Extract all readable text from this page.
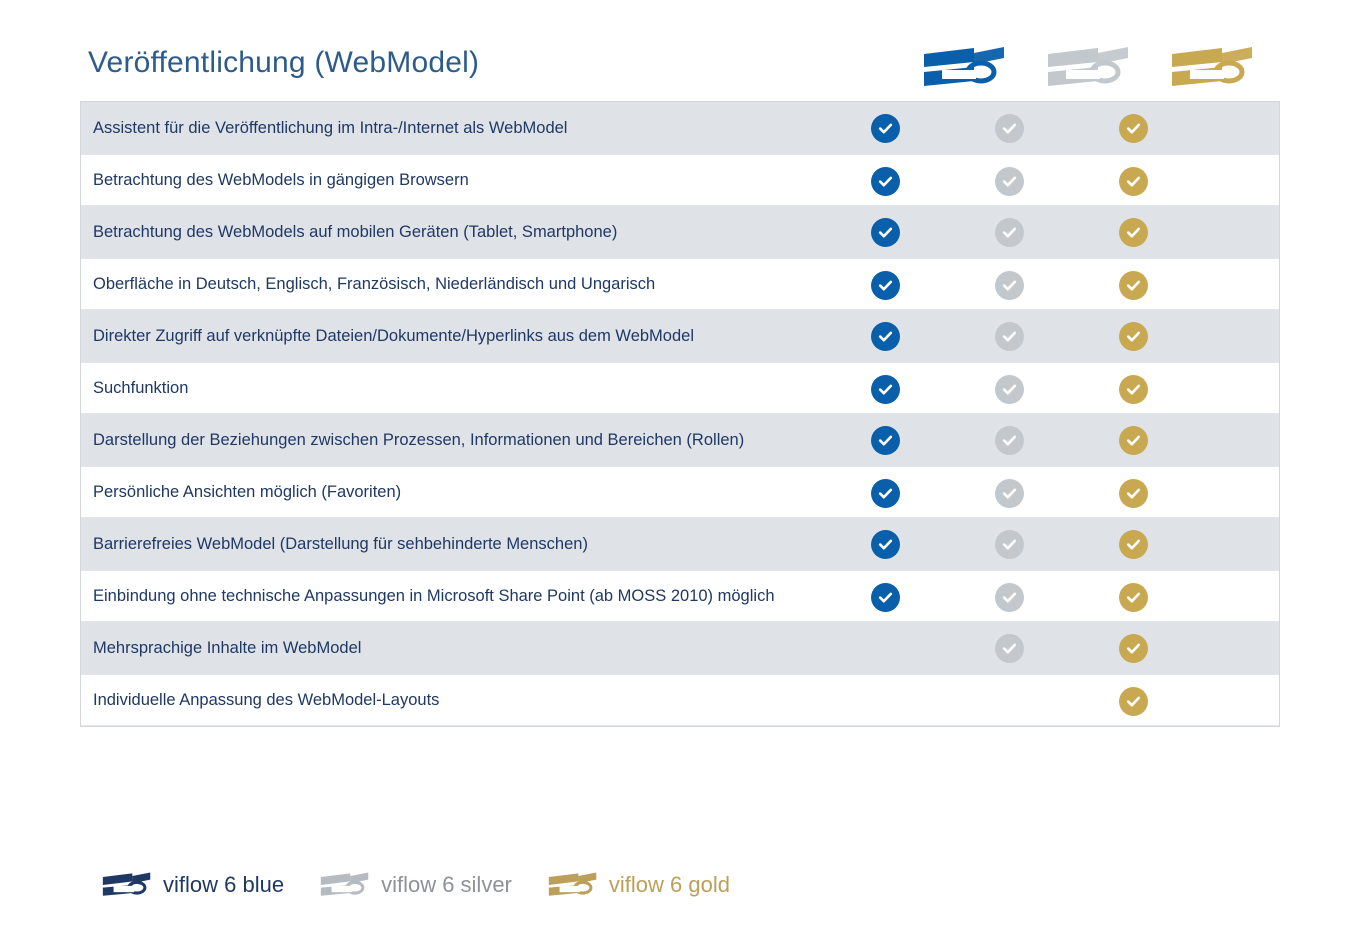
Veröffentlichung (WebModel)
Assistent für die Veröffentlichung im Intra-/Internet als WebModel
Betrachtung des WebModels in gängigen Browsern
Betrachtung des WebModels auf mobilen Geräten (Tablet, Smartphone)
Oberfläche in Deutsch, Englisch, Französisch, Niederländisch und Ungarisch
Direkter Zugriff auf verknüpfte Dateien/Dokumente/Hyperlinks aus dem WebModel
Suchfunktion
Darstellung der Beziehungen zwischen Prozessen, Informationen und Bereichen (Rollen)
Persönliche Ansichten möglich (Favoriten)
Barrierefreies WebModel (Darstellung für sehbehinderte Menschen)
Einbindung ohne technische Anpassungen in Microsoft Share Point (ab MOSS 2010) möglich
Mehrsprachige Inhalte im WebModel
Individuelle Anpassung des WebModel-Layouts
viflow 6 blue	viflow 6 silver	viflow 6 gold
